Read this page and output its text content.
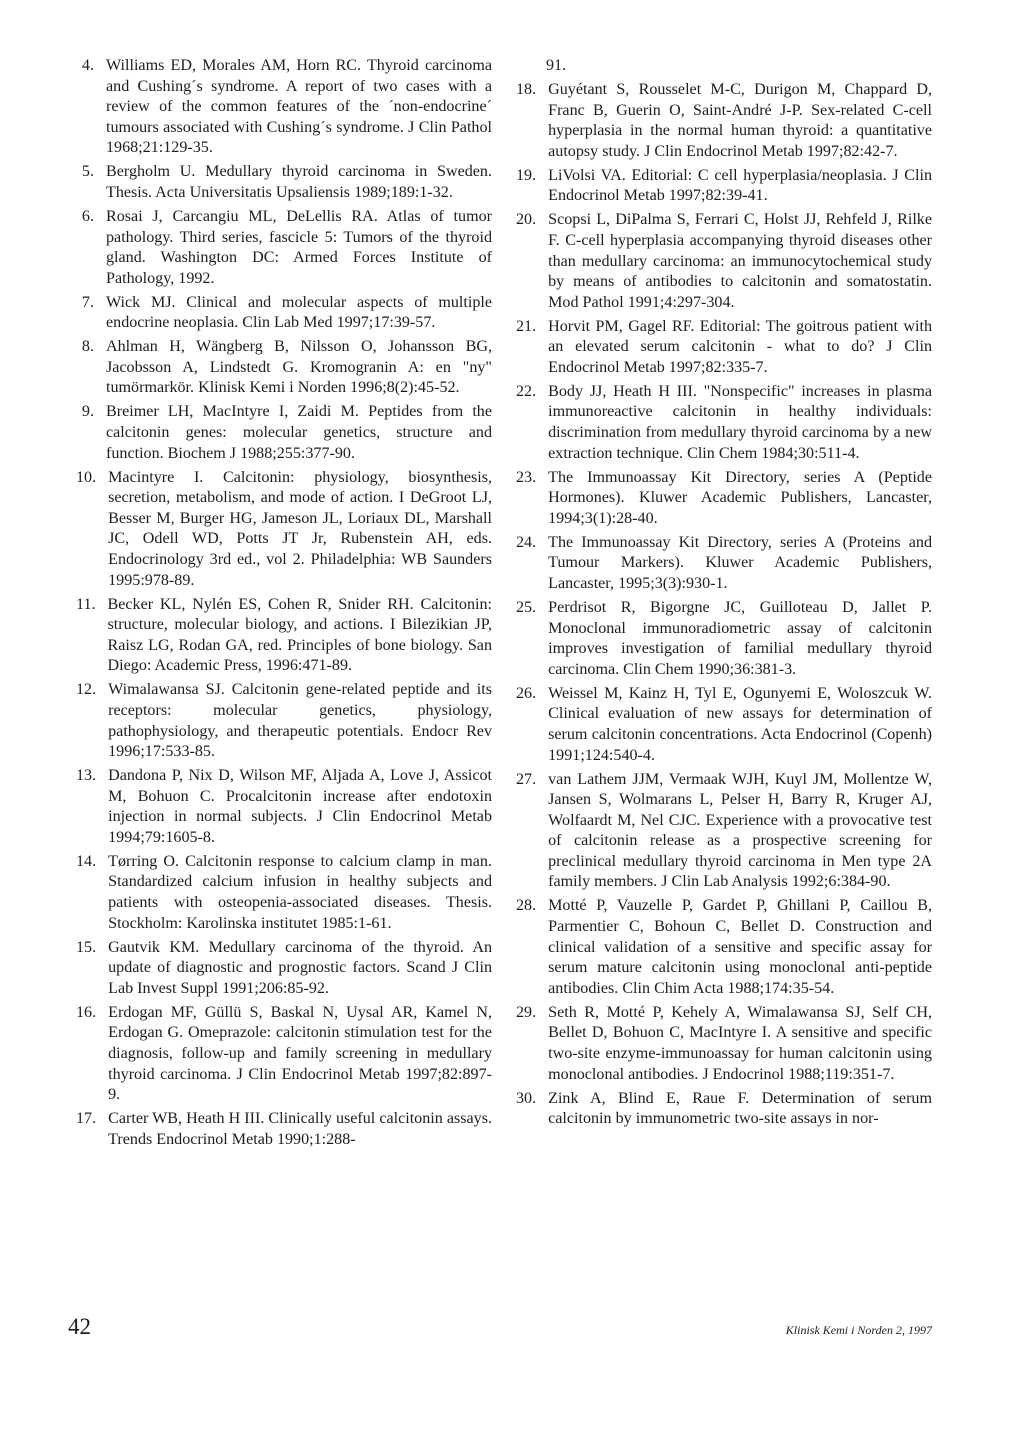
4. Williams ED, Morales AM, Horn RC. Thyroid carcinoma and Cushing´s syndrome. A report of two cases with a review of the common features of the ´non-endocrine´ tumours associated with Cushing´s syndrome. J Clin Pathol 1968;21:129-35.
5. Bergholm U. Medullary thyroid carcinoma in Sweden. Thesis. Acta Universitatis Upsaliensis 1989;189:1-32.
6. Rosai J, Carcangiu ML, DeLellis RA. Atlas of tumor pathology. Third series, fascicle 5: Tumors of the thyroid gland. Washington DC: Armed Forces Institute of Pathology, 1992.
7. Wick MJ. Clinical and molecular aspects of multiple endocrine neoplasia. Clin Lab Med 1997;17:39-57.
8. Ahlman H, Wängberg B, Nilsson O, Johansson BG, Jacobsson A, Lindstedt G. Kromogranin A: en "ny" tumörmarkör. Klinisk Kemi i Norden 1996;8(2):45-52.
9. Breimer LH, MacIntyre I, Zaidi M. Peptides from the calcitonin genes: molecular genetics, structure and function. Biochem J 1988;255:377-90.
10. Macintyre I. Calcitonin: physiology, biosynthesis, secretion, metabolism, and mode of action. I DeGroot LJ, Besser M, Burger HG, Jameson JL, Loriaux DL, Marshall JC, Odell WD, Potts JT Jr, Rubenstein AH, eds. Endocrinology 3rd ed., vol 2. Philadelphia: WB Saunders 1995:978-89.
11. Becker KL, Nylén ES, Cohen R, Snider RH. Calcitonin: structure, molecular biology, and actions. I Bilezikian JP, Raisz LG, Rodan GA, red. Principles of bone biology. San Diego: Academic Press, 1996:471-89.
12. Wimalawansa SJ. Calcitonin gene-related peptide and its receptors: molecular genetics, physiology, pathophysiology, and therapeutic potentials. Endocr Rev 1996;17:533-85.
13. Dandona P, Nix D, Wilson MF, Aljada A, Love J, Assicot M, Bohuon C. Procalcitonin increase after endotoxin injection in normal subjects. J Clin Endocrinol Metab 1994;79:1605-8.
14. Tørring O. Calcitonin response to calcium clamp in man. Standardized calcium infusion in healthy subjects and patients with osteopenia-associated diseases. Thesis. Stockholm: Karolinska institutet 1985:1-61.
15. Gautvik KM. Medullary carcinoma of the thyroid. An update of diagnostic and prognostic factors. Scand J Clin Lab Invest Suppl 1991;206:85-92.
16. Erdogan MF, Güllü S, Baskal N, Uysal AR, Kamel N, Erdogan G. Omeprazole: calcitonin stimulation test for the diagnosis, follow-up and family screening in medullary thyroid carcinoma. J Clin Endocrinol Metab 1997;82:897-9.
17. Carter WB, Heath H III. Clinically useful calcitonin assays. Trends Endocrinol Metab 1990;1:288-
91.
18. Guyétant S, Rousselet M-C, Durigon M, Chappard D, Franc B, Guerin O, Saint-André J-P. Sex-related C-cell hyperplasia in the normal human thyroid: a quantitative autopsy study. J Clin Endocrinol Metab 1997;82:42-7.
19. LiVolsi VA. Editorial: C cell hyperplasia/neoplasia. J Clin Endocrinol Metab 1997;82:39-41.
20. Scopsi L, DiPalma S, Ferrari C, Holst JJ, Rehfeld J, Rilke F. C-cell hyperplasia accompanying thyroid diseases other than medullary carcinoma: an immunocytochemical study by means of antibodies to calcitonin and somatostatin. Mod Pathol 1991;4:297-304.
21. Horvit PM, Gagel RF. Editorial: The goitrous patient with an elevated serum calcitonin - what to do? J Clin Endocrinol Metab 1997;82:335-7.
22. Body JJ, Heath H III. "Nonspecific" increases in plasma immunoreactive calcitonin in healthy individuals: discrimination from medullary thyroid carcinoma by a new extraction technique. Clin Chem 1984;30:511-4.
23. The Immunoassay Kit Directory, series A (Peptide Hormones). Kluwer Academic Publishers, Lancaster, 1994;3(1):28-40.
24. The Immunoassay Kit Directory, series A (Proteins and Tumour Markers). Kluwer Academic Publishers, Lancaster, 1995;3(3):930-1.
25. Perdrisot R, Bigorgne JC, Guilloteau D, Jallet P. Monoclonal immunoradiometric assay of calcitonin improves investigation of familial medullary thyroid carcinoma. Clin Chem 1990;36:381-3.
26. Weissel M, Kainz H, Tyl E, Ogunyemi E, Woloszcuk W. Clinical evaluation of new assays for determination of serum calcitonin concentrations. Acta Endocrinol (Copenh) 1991;124:540-4.
27. van Lathem JJM, Vermaak WJH, Kuyl JM, Mollentze W, Jansen S, Wolmarans L, Pelser H, Barry R, Kruger AJ, Wolfaardt M, Nel CJC. Experience with a provocative test of calcitonin release as a prospective screening for preclinical medullary thyroid carcinoma in Men type 2A family members. J Clin Lab Analysis 1992;6:384-90.
28. Motté P, Vauzelle P, Gardet P, Ghillani P, Caillou B, Parmentier C, Bohoun C, Bellet D. Construction and clinical validation of a sensitive and specific assay for serum mature calcitonin using monoclonal anti-peptide antibodies. Clin Chim Acta 1988;174:35-54.
29. Seth R, Motté P, Kehely A, Wimalawansa SJ, Self CH, Bellet D, Bohuon C, MacIntyre I. A sensitive and specific two-site enzyme-immunoassay for human calcitonin using monoclonal antibodies. J Endocrinol 1988;119:351-7.
30. Zink A, Blind E, Raue F. Determination of serum calcitonin by immunometric two-site assays in nor-
42	Klinisk Kemi i Norden 2, 1997
